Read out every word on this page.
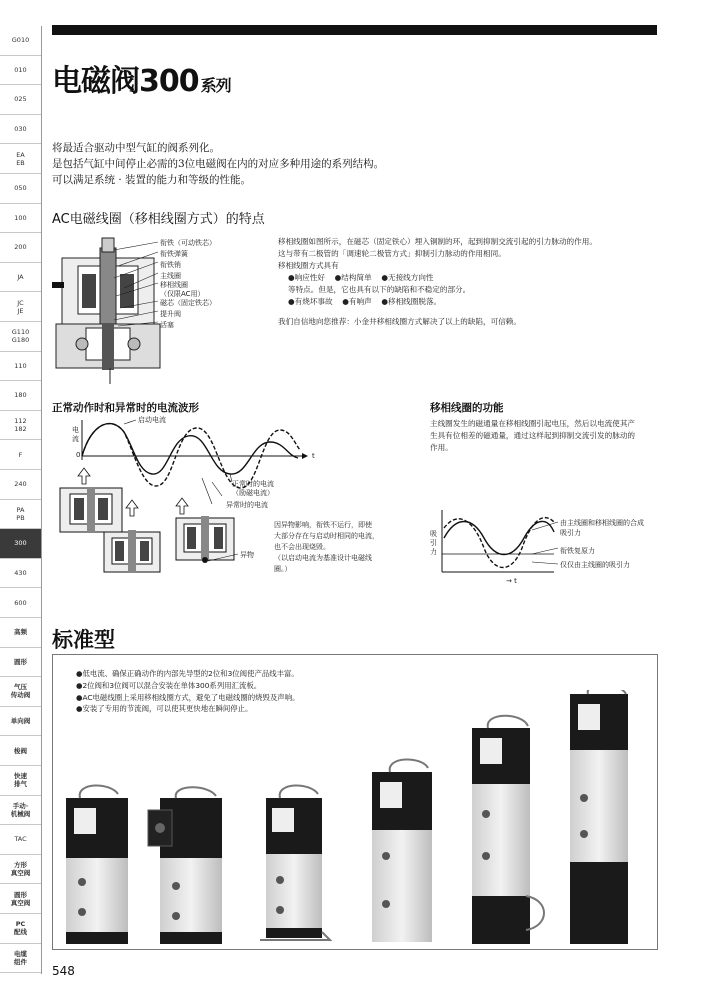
G010
010
025
030
EA
EB
050
100
200
JA
JC
JE
G110
G180
110
180
112
182
F
240
PA
PB
300
430
600
高频
圆形
气压
传动阀
单向阀
梭阀
快速
排气
手动·
机械阀
TAC
方形
真空阀
圆形
真空阀
PC
配线
电缆
组件
电磁阀300 系列
将最适合驱动中型气缸的阀系列化。
是包括气缸中间停止必需的3位电磁阀在内的对应多种用途的系列结构。
可以满足系统 · 装置的能力和等级的性能。
AC电磁线圈（移相线圈方式）的特点
衔铁（可动铁芯）
衔铁弹簧
衔铁销
主线圈
移相线圈
（仅限AC用）
磁芯（固定铁芯）
提升阀
活塞

移相线圈如图所示，在磁芯（固定铁心）埋入铜制的环，起到抑制交流引起的引力脉动的作用。

这与带有二极管的「调速轮二极管方式」抑制引力脉动的作用相同。

移相线圈方式具有

●响应性好 ●结构简单 ●无接线方向性

等特点。但是，它也具有以下的缺陷和不稳定的部分。

●有烧坏事故 ●有响声 ●移相线圈脱落。

我们自信地向您推荐：小金井移相线圈方式解决了以上的缺陷，可信赖。

正常动作时和异常时的电流波形
启动电流
电
流
0	t
正常时的电流
（励磁电流）
异常时的电流
异物

因异物影响，衔铁不运行，即使

大部分存在与启动时相同的电流，

也不会出现烧毁。

（以启动电流为基准设计电磁线

圈。）

移相线圈的功能

主线圈发生的磁通量在移相线圈引起电压，然后以电流使其产

生具有位相差的磁通量，通过这样起到抑制交流引发的脉动的

作用。

吸
引
力
→ t
由主线圈和移相线圈的合成
吸引力
衔铁复原力
仅仅由主线圈的吸引力
标准型
●低电流、确保正确动作的内部先导型的2位和3位阀使产品线丰富。
●2位阀和3位阀可以混合安装在单体300系列用汇流板。
●AC电磁线圈上采用移相线圈方式，避免了电磁线圈的烧毁及声响。
●安装了专用的节流阀，可以使其更快地在瞬间停止。
548
